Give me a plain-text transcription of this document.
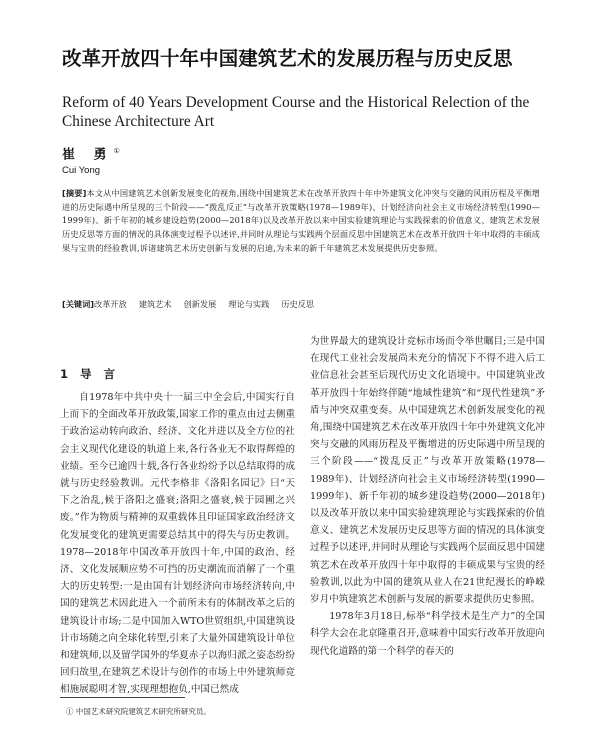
改革开放四十年中国建筑艺术的发展历程与历史反思
Reform of 40 Years Development Course and the Historical Relection of the Chinese Architecture Art
崔 勇①
Cui Yong
[摘要]本文从中国建筑艺术创新发展变化的视角,围绕中国建筑艺术在改革开放四十年中外建筑文化冲突与交融的风雨历程及平衡增进的历史际遇中所呈现的三个阶段——“拨乱反正”与改革开放策略(1978—1989年)、计划经济向社会主义市场经济转型(1990—1999年)、新千年初的城乡建设趋势(2000—2018年)以及改革开放以来中国实验建筑理论与实践探索的价值意义、建筑艺术发展历史反思等方面的情况的具体演变过程予以述评,并同时从理论与实践两个层面反思中国建筑艺术在改革开放四十年中取得的丰硕成果与宝贵的经验教训,诉诸建筑艺术历史创新与发展的启迪,为未来的新千年建筑艺术发展提供历史参照。
[关键词]改革开放 建筑艺术 创新发展 理论与实践 历史反思
1 导 言

自1978年中共中央十一届三中全会后,中国实行自上而下的全面改革开放政策,国家工作的重点由过去侧重于政治运动转向政治、经济、文化并进以及全方位的社会主义现代化建设的轨道上来,各行各业无不取得辉煌的业绩。至今已逾四十载,各行各业纷纷予以总结取得的成就与历史经验教训。元代李格非《洛阳名园记》曰“天下之治乱,候于洛阳之盛衰;洛阳之盛衰,候于园圃之兴废。”作为物质与精神的双重载体且印证国家政治经济文化发展变化的建筑更需要总结其中的得失与历史教训。1978—2018年中国改革开放四十年,中国的政治、经济、文化发展顺应势不可挡的历史潮流而消解了一个重大的历史转型:一是由国有计划经济向市场经济转向,中国的建筑艺术因此进入一个前所未有的体制改革之后的建筑设计市场;二是中国加入WTO世贸组织,中国建筑设计市场随之向全球化转型,引来了大量外国建筑设计单位和建筑师,以及留学国外的华夏赤子以海归派之姿态纷纷回归故里,在建筑艺术设计与创作的市场上中外建筑师竞相施展聪明才智,实现理想抱负,中国已然成

为世界最大的建筑设计竞标市场而令举世瞩目;三是中国在现代工业社会发展尚未充分的情况下不得不进入后工业信息社会甚至后现代历史文化语境中。中国建筑业改革开放四十年始终伴随“地域性建筑”和“现代性建筑”矛盾与冲突双重变奏。从中国建筑艺术创新发展变化的视角,围绕中国建筑艺术在改革开放四十年中外建筑文化冲突与交融的风雨历程及平衡增进的历史际遇中所呈现的三个阶段——“拨乱反正”与改革开放策略(1978—1989年)、计划经济向社会主义市场经济转型(1990—1999年)、新千年初的城乡建设趋势(2000—2018年)以及改革开放以来中国实验建筑理论与实践探索的价值意义、建筑艺术发展历史反思等方面的情况的具体演变过程予以述评,并同时从理论与实践两个层面反思中国建筑艺术在改革开放四十年中取得的丰硕成果与宝贵的经验教训,以此为中国的建筑从业人在21世纪漫长的峥嵘岁月中筑建筑艺术创新与发展的新要求提供历史参照。

1978年3月18日,标举“科学技术是生产力”的全国科学大会在北京隆重召开,意味着中国实行改革开放迎向现代化道路的第一个科学的春天的

① 中国艺术研究院建筑艺术研究所研究员。
